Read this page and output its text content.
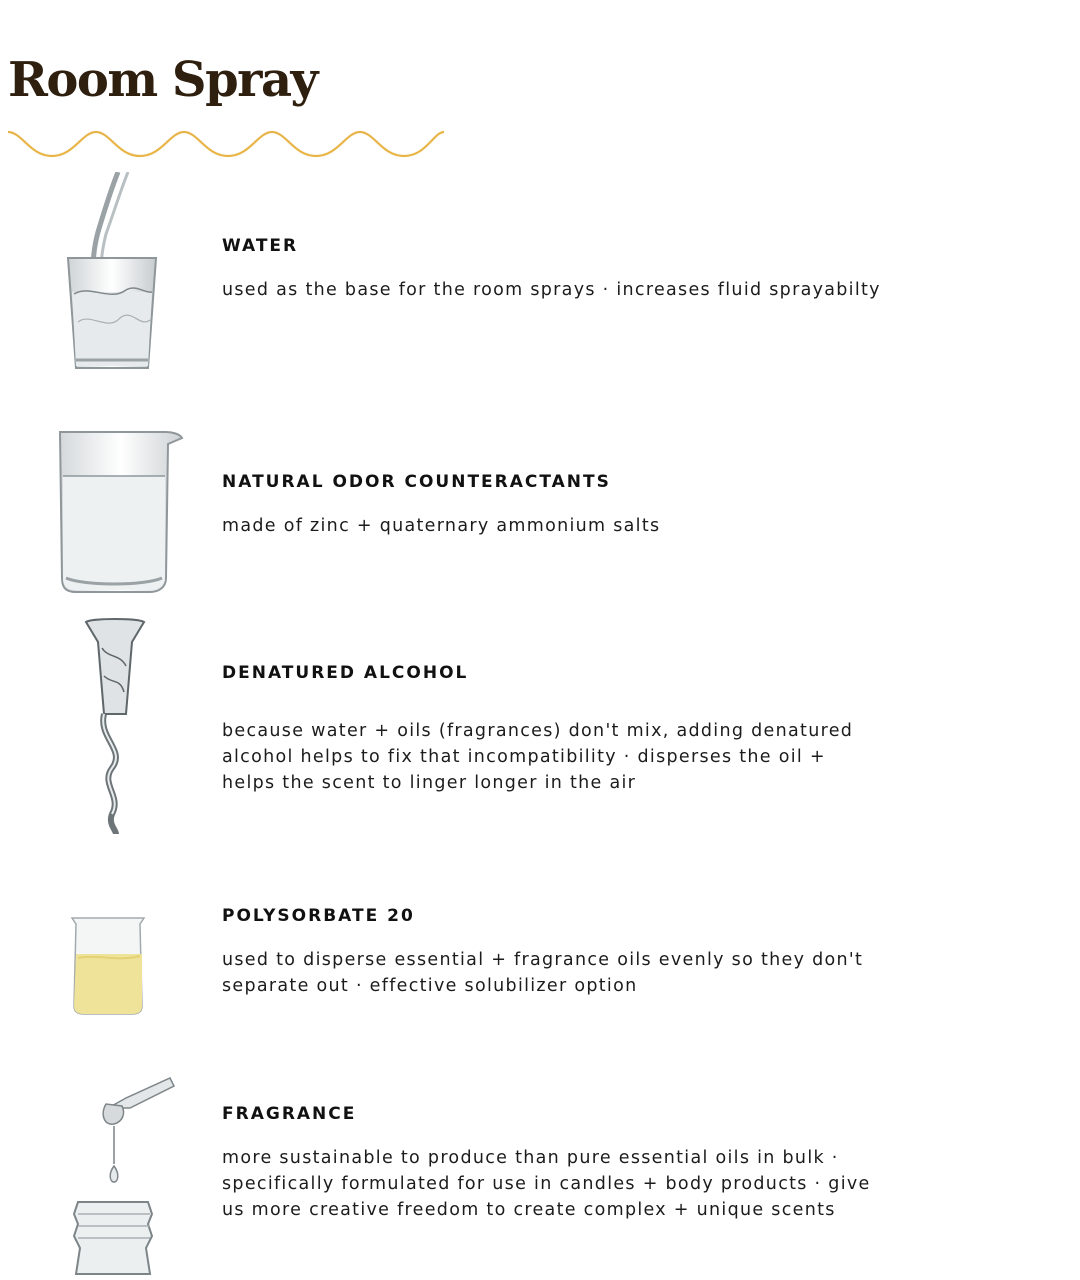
Room Spray

WATER

used as the base for the room sprays · increases fluid sprayabilty

NATURAL ODOR COUNTERACTANTS

made of zinc + quaternary ammonium salts

DENATURED ALCOHOL

because water + oils (fragrances) don't mix, adding denatured alcohol helps to fix that incompatibility · disperses the oil + helps the scent to linger longer in the air

POLYSORBATE 20

used to disperse essential + fragrance oils evenly so they don't separate out · effective solubilizer option

FRAGRANCE

more sustainable to produce than pure essential oils in bulk · specifically formulated for use in candles + body products · give us more creative freedom to create complex + unique scents
